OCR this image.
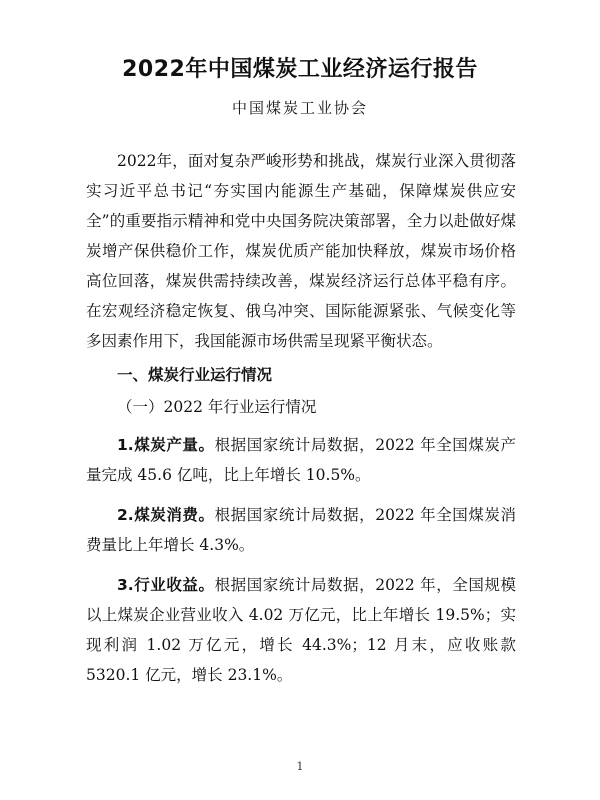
2022年中国煤炭工业经济运行报告
中国煤炭工业协会

2022年，面对复杂严峻形势和挑战，煤炭行业深入贯彻落实习近平总书记“夯实国内能源生产基础，保障煤炭供应安全”的重要指示精神和党中央国务院决策部署，全力以赴做好煤炭增产保供稳价工作，煤炭优质产能加快释放，煤炭市场价格高位回落，煤炭供需持续改善，煤炭经济运行总体平稳有序。在宏观经济稳定恢复、俄乌冲突、国际能源紧张、气候变化等多因素作用下，我国能源市场供需呈现紧平衡状态。

一、煤炭行业运行情况

（一）2022 年行业运行情况

1.煤炭产量。根据国家统计局数据，2022 年全国煤炭产量完成 45.6 亿吨，比上年增长 10.5%。

2.煤炭消费。根据国家统计局数据，2022 年全国煤炭消费量比上年增长 4.3%。

3.行业收益。根据国家统计局数据，2022 年，全国规模以上煤炭企业营业收入 4.02 万亿元，比上年增长 19.5%；实现利润 1.02 万亿元，增长 44.3%；12 月末，应收账款 5320.1 亿元，增长 23.1%。

1
